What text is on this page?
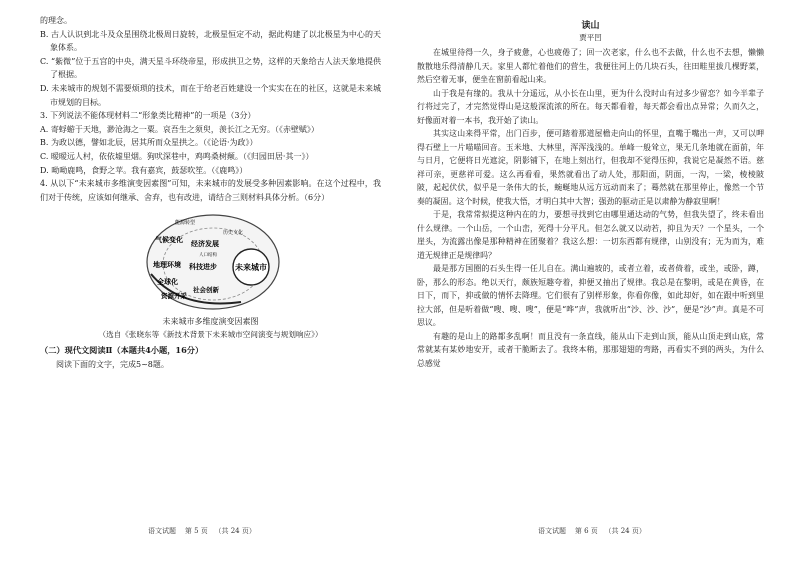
的理念。

B. 古人认识到北斗及众星围绕北极周日旋转，北极星恒定不动，据此构建了以北极星为中心的天象体系。

C. “紫微”位于五宫的中央，满天星斗环绕帝星，形成拱卫之势，这样的天象给古人法天象地提供了根据。

D. 未来城市的规划不需要烦琐的技术，而在于给老百姓建设一个实实在在的社区，这就是未来城市规划的目标。

3. 下列说法不能体现材料二“形象类比精神”的一项是（3分）

A. 寄蜉蝣于天地，渺沧海之一粟。哀吾生之须臾，羡长江之无穷。（《赤壁赋》）

B. 为政以德，譬如北辰，居其所而众星拱之。（《论语·为政》）

C. 暧暧远人村，依依墟里烟。狗吠深巷中，鸡鸣桑树颠。（《归园田居·其一》）

D. 呦呦鹿鸣，食野之苹。我有嘉宾，鼓瑟吹笙。（《鹿鸣》）

4. 从以下“未来城市多维演变因素图”可知，未来城市的发展受多种因素影响。在这个过程中，我们对于传统，应该如何继承、舍弃，也有改进，请结合三则材料具体分析。（6分）

未来城市
气候变化
地理环境
全球化
资源开采
经济发展
科技进步
社会创新
能源转型
历史文化
人口结构

未来城市多维度演变因素图

（选自《张晓东等《新技术背景下未来城市空间演变与规划响应》）

（二）现代文阅读Ⅱ（本题共4小题，16分）

阅读下面的文字，完成5~8题。

语文试题    第 5 页   （共 24 页）
读山
贾平凹

在城里待得一久，身子疲惫，心也疲倦了；回一次老家，什么也不去做，什么也不去想，懒懒散散地乐得清静几天。家里人都忙着他们的营生，我便往河上仍几块石头，往田畦里拔几棵野菜，然后空着无事，便坐在窗前看起山来。

山于我是有缘的。我从十分遥远，从小长在山里，更为什么没时山有过多少留恋？如今半辈子行将过完了，才完然觉得山是这般深流浓的所在。每天都看着，每天都会看出点异常；久而久之，好像面对着一本书，我开始了读山。

其实这山来得平常，出门百步，便可踏着那道屋檐走向山的怀里，直嘴于嘴出一声，又可以呷得石壁上一片喵喵回音。玉米地、大林里，浑浑浅浅的。单峰一般耸立，果无几条地就在面前，年与日月，它便将日光遮淀，阴影铺下，在地上刻出行，但我却不觉得压抑，我说它是凝然不语。慈祥可亲，更慈祥可爱。这么再看看，果然就看出了动人处，那阳面，阴面，一沟，一梁，棱棱陂陂，起起伏伏，似乎是一条伟大的长，蜿蜒地从远方远动而来了；蓦然就在那里停止，像然一个节奏的凝固。这个时候，使我大悟，才明白其中大智；强劲的驱动正是以肃静为静寂里啊！

于是，我常常拟提这种内在的力，要想寻找到它由哪里通达动的气势，但我失望了，终未看出什么规律。一个山岳，一个山峦，死得十分平凡。但怎么就又以动若，抑且为天？一个星头，一个崖头，为流露出像是那种精神在团聚着？我这么想：一切东西都有规律，山别没有；无为而为，难道无规律正是规律吗？

最是那方国圈的石头生得一任儿自在。满山遍坡的，或者立着，或者倚着，或坐，或卧，蹲，卧，那么的形态。绝以天行，颇族短趣夸着，抑便又抽出了规律。我总是在黎明，或是在黄昏，在日下，而下，抑或做的情怀去降理。它们很有了别样形象，你看你像，如此却好，如在跟中听到里拉大部，但是听着做“嗖、嗖、嗖”，便是“哗”声，我就听出“沙、沙、沙”，便是“沙”声。真是不可思议。

有趣的是山上的路都多乱啊！而且没有一条直线，能从山下走到山顶，能从山顶走到山底，常常就某有某妙地安开，或者干脆断去了。我终本稍，那那翅翅的弯路，再看实不到的两头，为什么总感觉

语文试题    第 6 页   （共 24 页）
